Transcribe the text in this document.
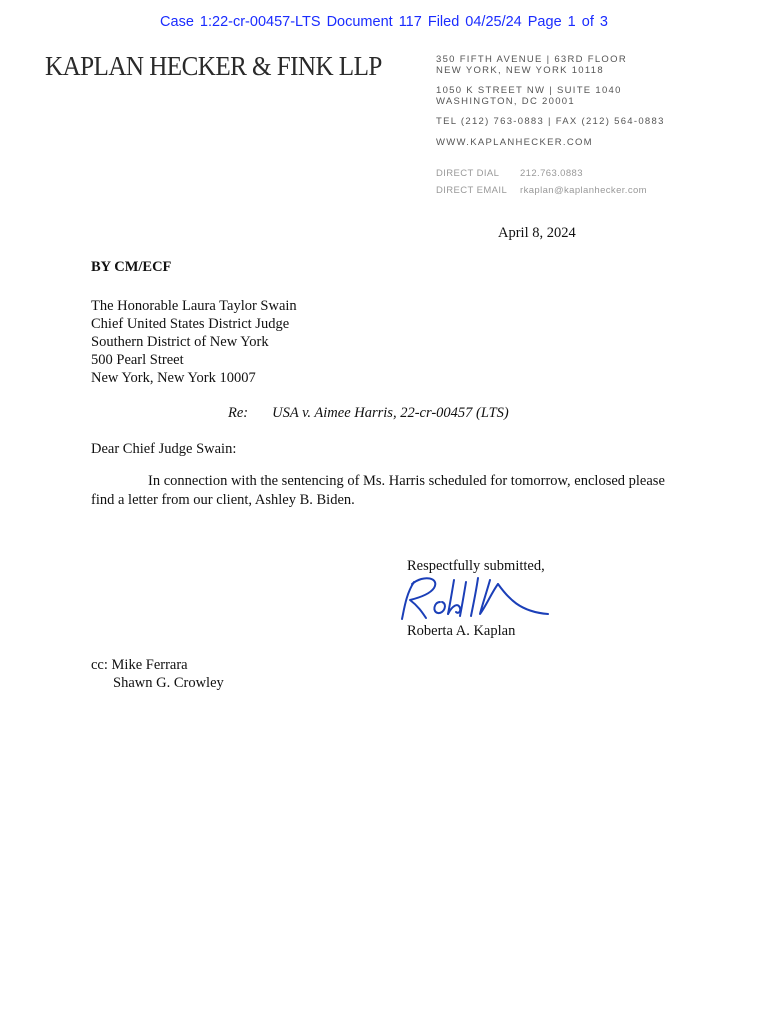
Case 1:22-cr-00457-LTS Document 117 Filed 04/25/24 Page 1 of 3
KAPLAN HECKER & FINK LLP	350 FIFTH AVENUE | 63RD FLOOR
NEW YORK, NEW YORK 10118
1050 K STREET NW | SUITE 1040
WASHINGTON, DC 20001
TEL (212) 763-0883 | FAX (212) 564-0883
WWW.KAPLANHECKER.COM
DIRECT DIAL 212.763.0883
DIRECT EMAIL rkaplan@kaplanhecker.com
April 8, 2024
BY CM/ECF
The Honorable Laura Taylor Swain
Chief United States District Judge
Southern District of New York
500 Pearl Street
New York, New York 10007
Re: USA v. Aimee Harris, 22-cr-00457 (LTS)
Dear Chief Judge Swain:
In connection with the sentencing of Ms. Harris scheduled for tomorrow, enclosed please find a letter from our client, Ashley B. Biden.
Respectfully submitted,
Roberta A. Kaplan
cc: Mike Ferrara
Shawn G. Crowley
